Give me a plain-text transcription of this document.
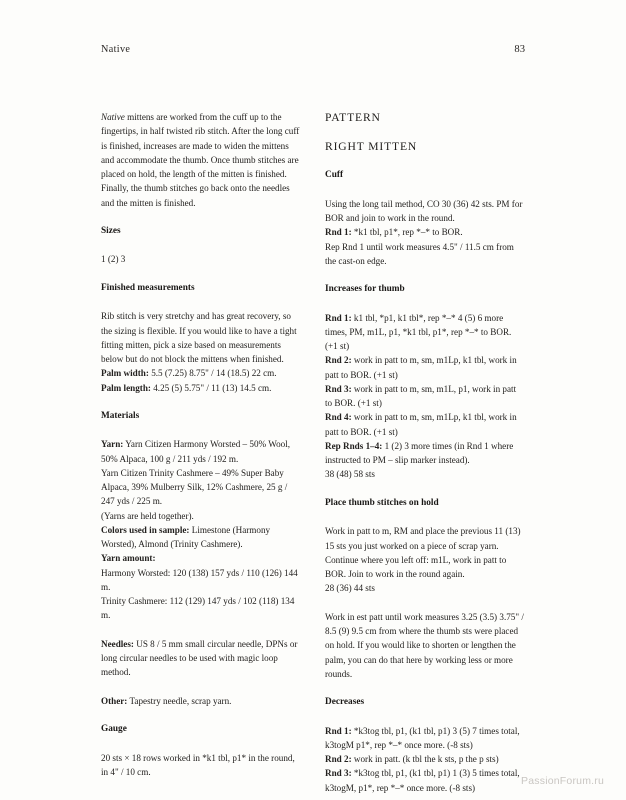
Native	83

Native mittens are worked from the cuff up to the fingertips, in half twisted rib stitch. After the long cuff is finished, increases are made to widen the mittens and accommodate the thumb. Once thumb stitches are placed on hold, the length of the mitten is finished. Finally, the thumb stitches go back onto the needles and the mitten is finished.

Sizes

1 (2) 3

Finished measurements

Rib stitch is very stretchy and has great recovery, so the sizing is flexible. If you would like to have a tight fitting mitten, pick a size based on measurements below but do not block the mittens when finished.

Palm width: 5.5 (7.25) 8.75" / 14 (18.5) 22 cm.

Palm length: 4.25 (5) 5.75" / 11 (13) 14.5 cm.

Materials

Yarn: Yarn Citizen Harmony Worsted – 50% Wool, 50% Alpaca, 100 g / 211 yds / 192 m.

Yarn Citizen Trinity Cashmere – 49% Super Baby Alpaca, 39% Mulberry Silk, 12% Cashmere, 25 g / 247 yds / 225 m.

(Yarns are held together).

Colors used in sample: Limestone (Harmony Worsted), Almond (Trinity Cashmere).

Yarn amount:

Harmony Worsted: 120 (138) 157 yds / 110 (126) 144 m.

Trinity Cashmere: 112 (129) 147 yds / 102 (118) 134 m.

Needles: US 8 / 5 mm small circular needle, DPNs or long circular needles to be used with magic loop method.

Other: Tapestry needle, scrap yarn.

Gauge

20 sts × 18 rows worked in *k1 tbl, p1* in the round, in 4" / 10 cm.

PATTERN
RIGHT MITTEN
Cuff

Using the long tail method, CO 30 (36) 42 sts. PM for BOR and join to work in the round.

Rnd 1: *k1 tbl, p1*, rep *–* to BOR.

Rep Rnd 1 until work measures 4.5" / 11.5 cm from the cast-on edge.

Increases for thumb

Rnd 1: k1 tbl, *p1, k1 tbl*, rep *–* 4 (5) 6 more times, PM, m1L, p1, *k1 tbl, p1*, rep *–* to BOR. (+1 st)

Rnd 2: work in patt to m, sm, m1Lp, k1 tbl, work in patt to BOR. (+1 st)

Rnd 3: work in patt to m, sm, m1L, p1, work in patt to BOR. (+1 st)

Rnd 4: work in patt to m, sm, m1Lp, k1 tbl, work in patt to BOR. (+1 st)

Rep Rnds 1–4: 1 (2) 3 more times (in Rnd 1 where instructed to PM – slip marker instead).

38 (48) 58 sts

Place thumb stitches on hold

Work in patt to m, RM and place the previous 11 (13) 15 sts you just worked on a piece of scrap yarn. Continue where you left off: m1L, work in patt to BOR. Join to work in the round again.

28 (36) 44 sts

Work in est patt until work measures 3.25 (3.5) 3.75" / 8.5 (9) 9.5 cm from where the thumb sts were placed on hold. If you would like to shorten or lengthen the palm, you can do that here by working less or more rounds.

Decreases

Rnd 1: *k3tog tbl, p1, (k1 tbl, p1) 3 (5) 7 times total, k3togM p1*, rep *–* once more. (-8 sts)

Rnd 2: work in patt. (k tbl the k sts, p the p sts)

Rnd 3: *k3tog tbl, p1, (k1 tbl, p1) 1 (3) 5 times total, k3togM, p1*, rep *–* once more. (-8 sts)

PassionForum.ru
